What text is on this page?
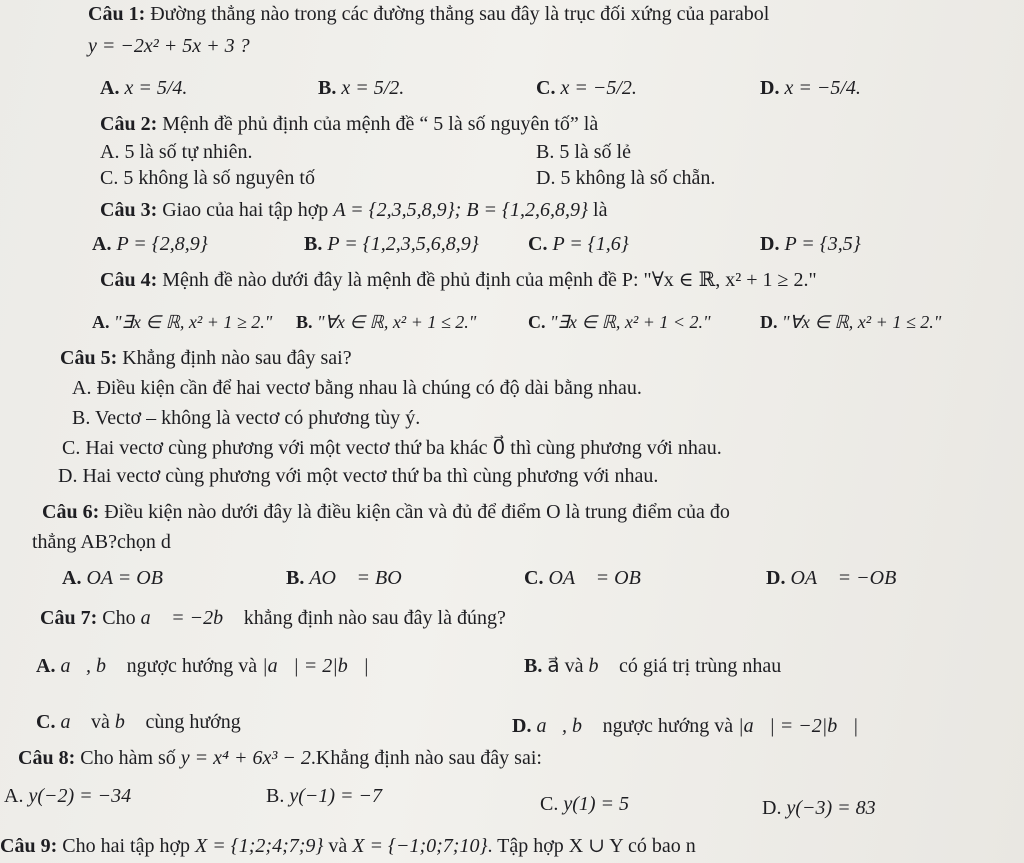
Câu 1: Đường thẳng nào trong các đường thẳng sau đây là trục đối xứng của parabol
y = −2x² + 5x + 3 ?
A. x = 5/4.	B. x = 5/2.	C. x = −5/2.	D. x = −5/4.
Câu 2: Mệnh đề phủ định của mệnh đề “ 5 là số nguyên tố” là
A. 5 là số tự nhiên.	B. 5 là số lẻ
C. 5 không là số nguyên tố	D. 5 không là số chẵn.
Câu 3: Giao của hai tập hợp A = {2,3,5,8,9}; B = {1,2,6,8,9} là
A. P = {2,8,9}	B. P = {1,2,3,5,6,8,9} C. P = {1,6}	D. P = {3,5}
Câu 4: Mệnh đề nào dưới đây là mệnh đề phủ định của mệnh đề P: "∀x ∈ ℝ, x² + 1 ≥ 2."
A. "∃x ∈ ℝ, x² + 1 ≥ 2." B. "∀x ∈ ℝ, x² + 1 ≤ 2."	C. "∃x ∈ ℝ, x² + 1 < 2."	D. "∀x ∈ ℝ, x² + 1 ≤ 2."
Câu 5: Khẳng định nào sau đây sai?
A. Điều kiện cần để hai vectơ bằng nhau là chúng có độ dài bằng nhau.
B. Vectơ – không là vectơ có phương tùy ý.
C. Hai vectơ cùng phương với một vectơ thứ ba khác 0⃗ thì cùng phương với nhau.
D. Hai vectơ cùng phương với một vectơ thứ ba thì cùng phương với nhau.
Câu 6: Điều kiện nào dưới đây là điều kiện cần và đủ để điểm O là trung điểm của đo
thẳng AB?chọn d
A. OA = OB	B. AO⃗ = BO⃗	C. OA⃗ = OB⃗	D. OA⃗ = −OB⃗
Câu 7: Cho a⃗ = −2b⃗ khẳng định nào sau đây là đúng?
A. a⃗, b⃗ ngược hướng và |a⃗| = 2|b⃗|	B. a⃗ và b⃗ có giá trị trùng nhau
C. a⃗ và b⃗ cùng hướng	D. a⃗, b⃗ ngược hướng và |a⃗| = −2|b⃗|
Câu 8: Cho hàm số y = x⁴ + 6x³ − 2.Khẳng định nào sau đây sai:
A. y(−2) = −34	B. y(−1) = −7	C. y(1) = 5	D. y(−3) = 83
Câu 9: Cho hai tập hợp X = {1;2;4;7;9} và X = {−1;0;7;10}. Tập hợp X ∪ Y có bao n
